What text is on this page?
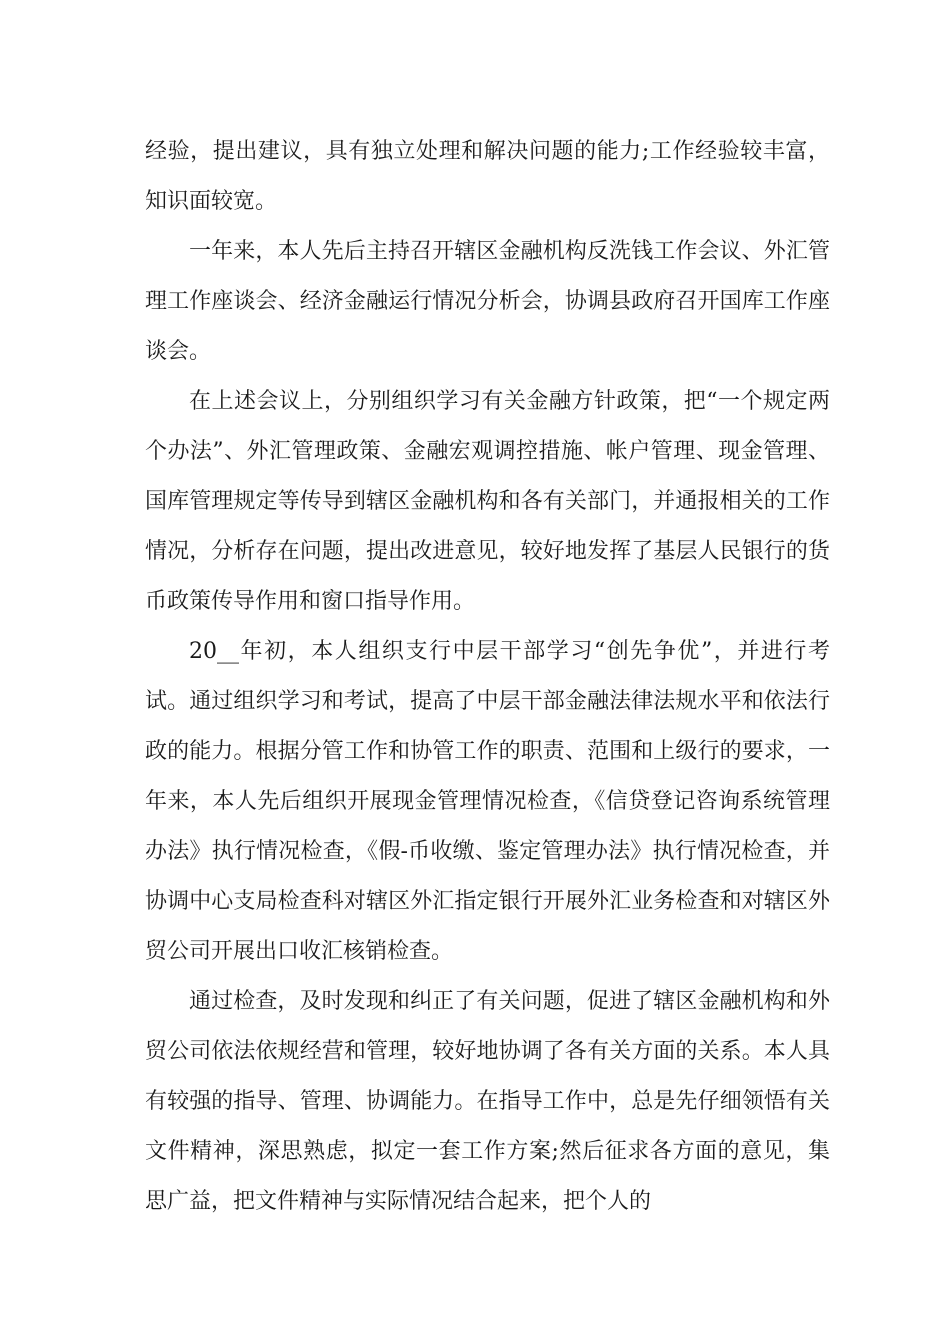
经验，提出建议，具有独立处理和解决问题的能力;工作经验较丰富，知识面较宽。

一年来，本人先后主持召开辖区金融机构反洗钱工作会议、外汇管理工作座谈会、经济金融运行情况分析会，协调县政府召开国库工作座谈会。

在上述会议上，分别组织学习有关金融方针政策，把“一个规定两个办法”、外汇管理政策、金融宏观调控措施、帐户管理、现金管理、国库管理规定等传导到辖区金融机构和各有关部门，并通报相关的工作情况，分析存在问题，提出改进意见，较好地发挥了基层人民银行的货币政策传导作用和窗口指导作用。

20__年初，本人组织支行中层干部学习“创先争优”，并进行考试。通过组织学习和考试，提高了中层干部金融法律法规水平和依法行政的能力。根据分管工作和协管工作的职责、范围和上级行的要求，一年来，本人先后组织开展现金管理情况检查，《信贷登记咨询系统管理办法》执行情况检查，《假-币收缴、鉴定管理办法》执行情况检查，并协调中心支局检查科对辖区外汇指定银行开展外汇业务检查和对辖区外贸公司开展出口收汇核销检查。

通过检查，及时发现和纠正了有关问题，促进了辖区金融机构和外贸公司依法依规经营和管理，较好地协调了各有关方面的关系。本人具有较强的指导、管理、协调能力。在指导工作中，总是先仔细领悟有关文件精神，深思熟虑，拟定一套工作方案;然后征求各方面的意见，集思广益，把文件精神与实际情况结合起来，把个人的
